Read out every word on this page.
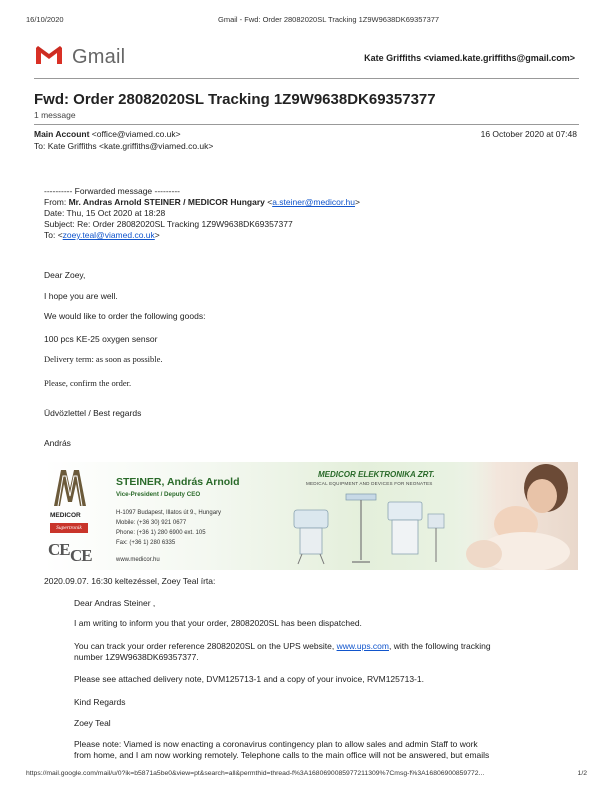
16/10/2020	Gmail - Fwd: Order 28082020SL Tracking 1Z9W9638DK69357377
Gmail	Kate Griffiths <viamed.kate.griffiths@gmail.com>
Fwd: Order 28082020SL Tracking 1Z9W9638DK69357377
1 message
Main Account <office@viamed.co.uk>	16 October 2020 at 07:48
To: Kate Griffiths <kate.griffiths@viamed.co.uk>
---------- Forwarded message ---------
From: Mr. Andras Arnold STEINER / MEDICOR Hungary <a.steiner@medicor.hu>
Date: Thu, 15 Oct 2020 at 18:28
Subject: Re: Order 28082020SL Tracking 1Z9W9638DK69357377
To: <zoey.teal@viamed.co.uk>
Dear Zoey,
I hope you are well.
We would like to order the following goods:
100 pcs KE-25 oxygen sensor
Delivery term: as soon as possible.
Please, confirm the order.
Üdvözlettel / Best regards
András
MEDICOR
Supertronik
CE CE
STEINER, András Arnold
Vice-President / Deputy CEO
H-1097 Budapest, Illatos út 9., Hungary
Mobile: (+36 30) 921 0677
Phone: (+36 1) 280 6900 ext. 105
Fax: (+36 1) 280 6335
www.medicor.hu
MEDICOR ELEKTRONIKA ZRT.
MEDICAL EQUIPMENT AND DEVICES FOR NEONATES
2020.09.07. 16:30 keltezéssel, Zoey Teal írta:
Dear Andras Steiner ,
I am writing to inform you that your order, 28082020SL has been dispatched.
You can track your order reference 28082020SL on the UPS website, www.ups.com, with the following tracking
number 1Z9W9638DK69357377.
Please see attached delivery note, DVM125713-1 and a copy of your invoice, RVM125713-1.
Kind Regards
Zoey Teal
Please note: Viamed is now enacting a coronavirus contingency plan to allow sales and admin Staff to work
from home, and I am now working remotely. Telephone calls to the main office will not be answered, but emails
https://mail.google.com/mail/u/0?ik=b5871a5be0&view=pt&search=all&permthid=thread-f%3A1680690085977211309%7Cmsg-f%3A16806900859772...	1/2
